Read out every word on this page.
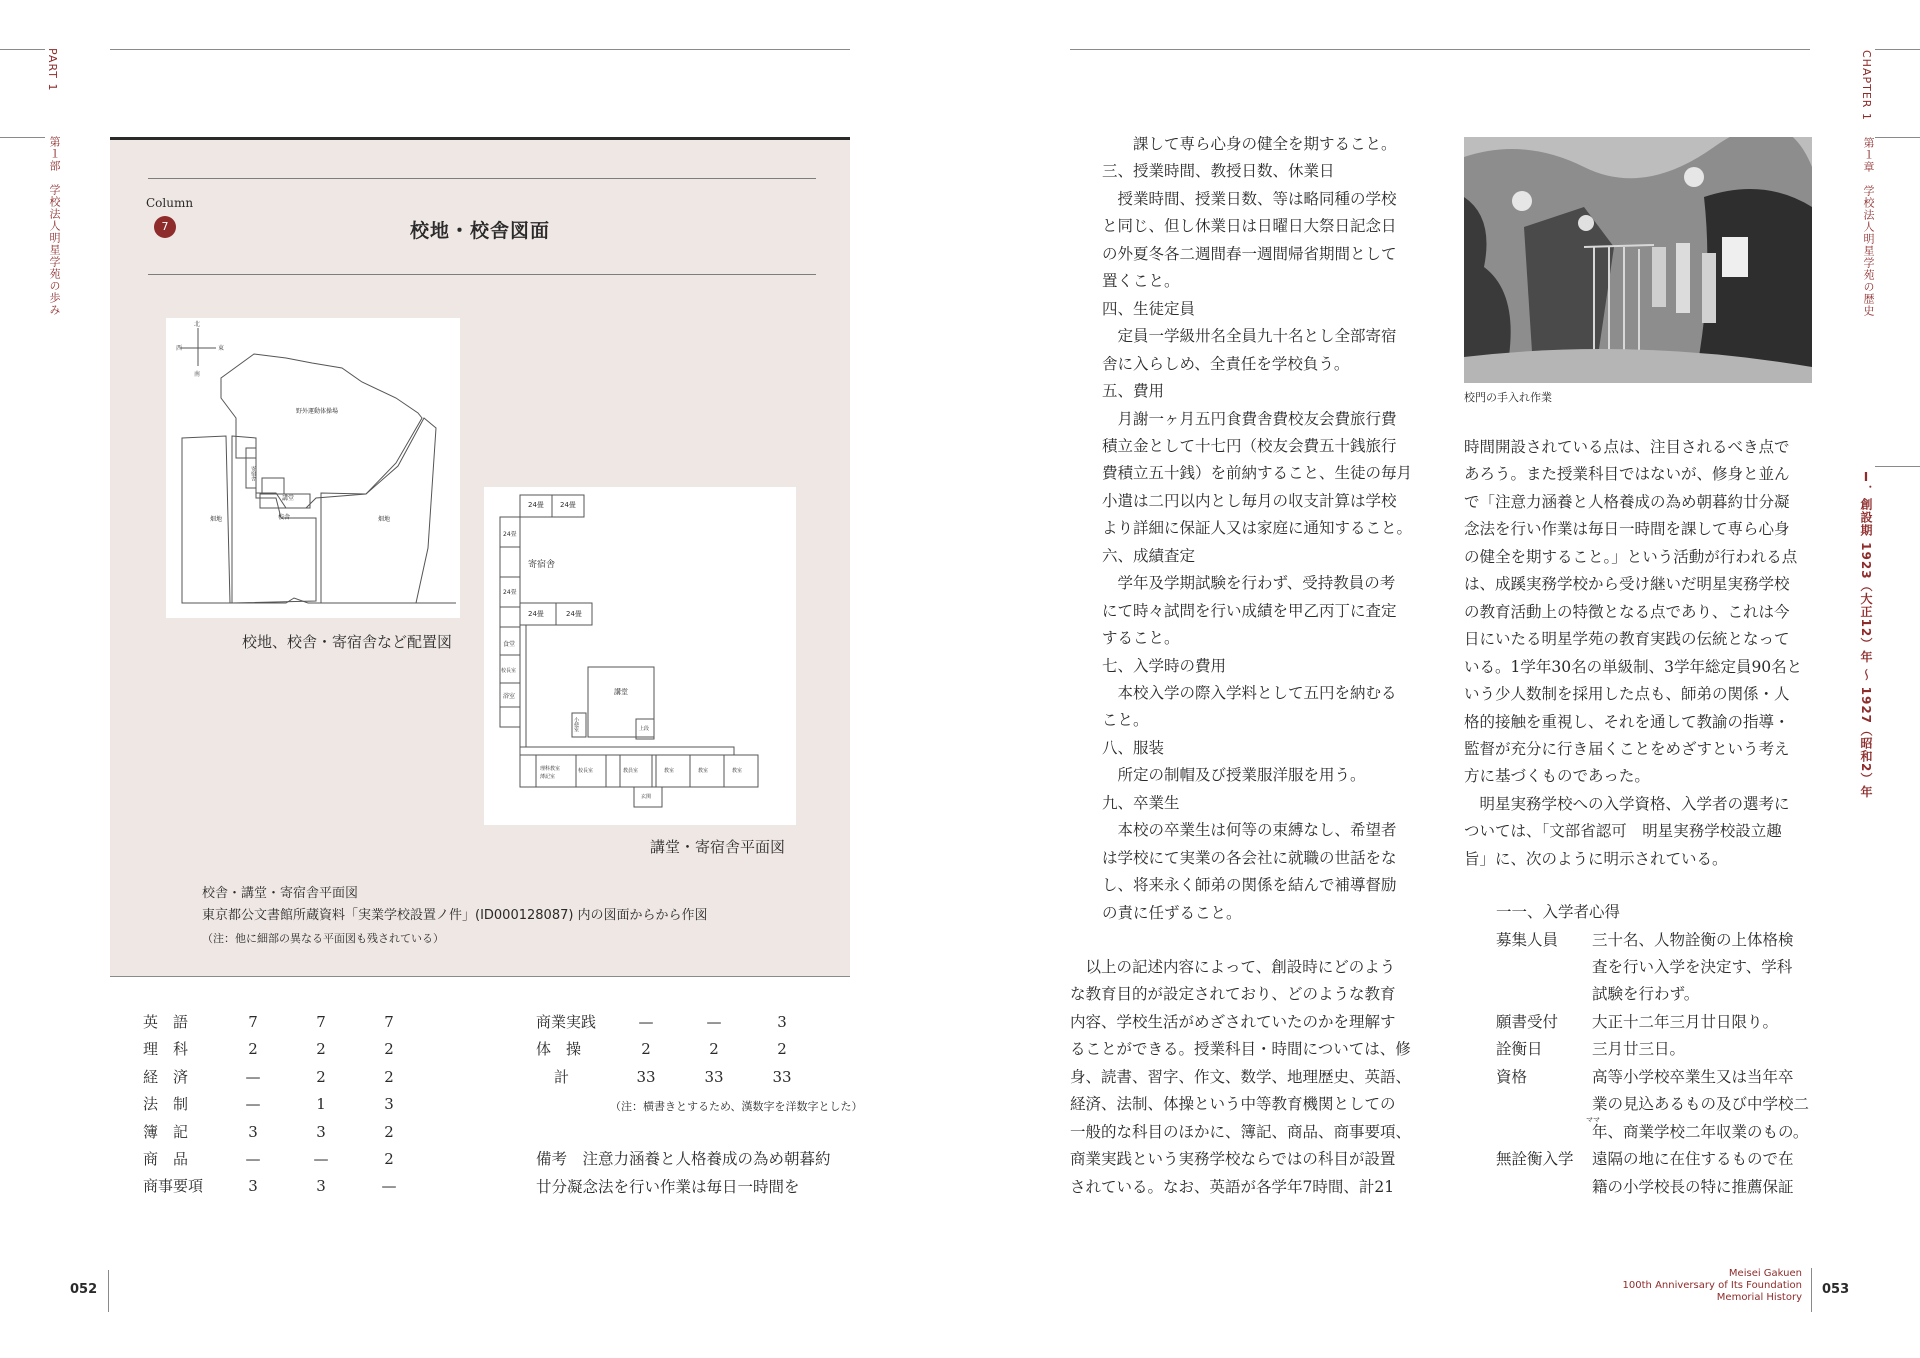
PART 1
第１部　学校法人明星学苑の歩み
CHAPTER 1
第１章　学校法人明星学苑の歴史
Ⅰ．創設期 1923（大正12）年 〜 1927（昭和2）年
Column
7	校地・校舎図面
北
西	東
南
野外運動体操場
講堂
校舎
寄宿舎
畑地	畑地
校地、校舎・寄宿舎など配置図
24畳 24畳
24畳
24畳
寄宿舎
24畳	24畳
食堂
校長室
浴室
講堂
小使室	上段
理科教室
薄記室
校長室	教員室	教室	教室	教室
玄関
講堂・寄宿舎平面図
校舎・講堂・寄宿舎平面図
東京都公文書館所蔵資料「実業学校設置ノ件」(ID000128087) 内の図面からから作図
（注：他に細部の異なる平面図も残されている）
英　語	7	7	7
理　科	2	2	2
経　済	—	2	2
法　制	—	1	3
簿　記	3	3	2
商　品	—	—	2
商事要項	3	3	—
商業実践	—	—	3
体　操	2	2	2
計	33	33	33
（注：横書きとするため、漢数字を洋数字とした）
備考　注意力涵養と人格養成の為め朝暮約
廿分凝念法を行い作業は毎日一時間を
　　課して専ら心身の健全を期すること。
三、授業時間、教授日数、休業日
　授業時間、授業日数、等は略同種の学校
と同じ、但し休業日は日曜日大祭日記念日
の外夏冬各二週間春一週間帰省期間として
置くこと。
四、生徒定員
　定員一学級卅名全員九十名とし全部寄宿
舎に入らしめ、全責任を学校負う。
五、費用
　月謝一ヶ月五円食費舎費校友会費旅行費
積立金として十七円（校友会費五十銭旅行
費積立五十銭）を前納すること、生徒の毎月
小遣は二円以内とし毎月の収支計算は学校
より詳細に保証人又は家庭に通知すること。
六、成績査定
　学年及学期試験を行わず、受持教員の考
にて時々試問を行い成績を甲乙丙丁に査定
すること。
七、入学時の費用
　本校入学の際入学料として五円を納むる
こと。
八、服装
　所定の制帽及び授業服洋服を用う。
九、卒業生
　本校の卒業生は何等の束縛なし、希望者
は学校にて実業の各会社に就職の世話をな
し、将来永く師弟の関係を結んで補導督励
の責に任ずること。
　以上の記述内容によって、創設時にどのよう
な教育目的が設定されており、どのような教育
内容、学校生活がめざされていたのかを理解す
ることができる。授業科目・時間については、修
身、読書、習字、作文、数学、地理歴史、英語、
経済、法制、体操という中等教育機関としての
一般的な科目のほかに、簿記、商品、商事要項、
商業実践という実務学校ならではの科目が設置
されている。なお、英語が各学年7時間、計21
校門の手入れ作業
時間開設されている点は、注目されるべき点で
あろう。また授業科目ではないが、修身と並ん
で「注意力涵養と人格養成の為め朝暮約廿分凝
念法を行い作業は毎日一時間を課して専ら心身
の健全を期すること。」という活動が行われる点
は、成蹊実務学校から受け継いだ明星実務学校
の教育活動上の特徴となる点であり、これは今
日にいたる明星学苑の教育実践の伝統となって
いる。1学年30名の単級制、3学年総定員90名と
いう少人数制を採用した点も、師弟の関係・人
格的接触を重視し、それを通して教諭の指導・
監督が充分に行き届くことをめざすという考え
方に基づくものであった。
　明星実務学校への入学資格、入学者の選考に
ついては、「文部省認可　明星実務学校設立趣
旨」に、次のように明示されている。
一一、入学者心得
募集人員 三十名、人物詮衡の上体格検
査を行い入学を決定す、学科
試験を行わず。
願書受付 大正十二年三月廿日限り。
詮衡日	三月廿三日。
資格	高等小学校卒業生又は当年卒
業の見込あるもの及び中学校二
年、商業学校二年収業のもの。
無詮衡入学 遠隔の地に在住するもので在
籍の小学校長の特に推薦保証
ママ
052
Meisei Gakuen
100th Anniversary of Its Foundation
Memorial History
053
